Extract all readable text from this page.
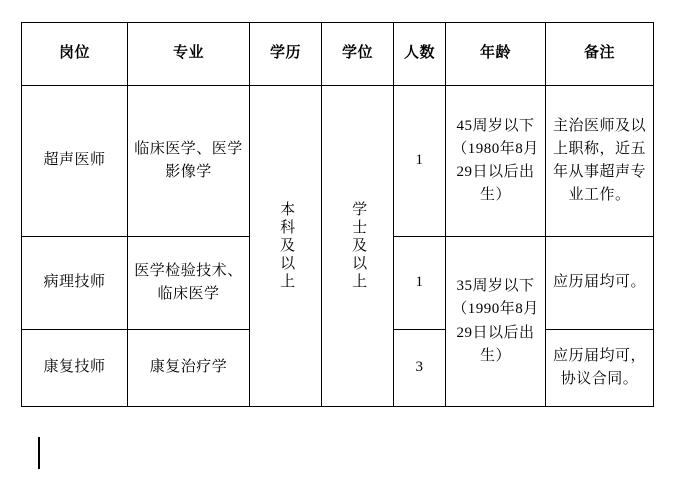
岗位	专业	学历	学位	人数	年龄	备注
超声医师	临床医学、医学影像学	本科及以上	学士及以上	1	45周岁以下（1980年8月29日以后出生）	主治医师及以上职称，近五年从事超声专业工作。
病理技师	医学检验技术、临床医学			1	35周岁以下（1990年8月29日以后出生）	应历届均可。
康复技师	康复治疗学			3		应历届均可，协议合同。
